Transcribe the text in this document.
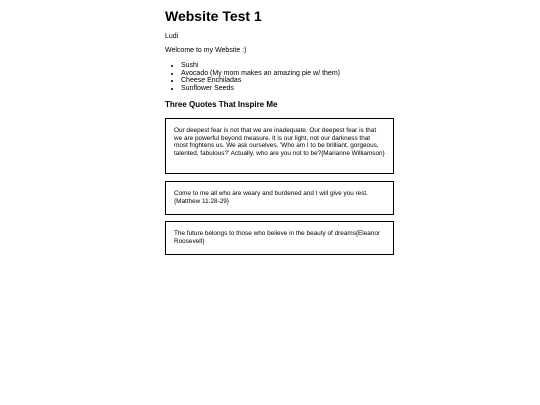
Website Test 1

Ludi

Welcome to my Website :)

• Sushi
• Avocado (My mom makes an amazing pie w/ them)
• Cheese Enchiladas
• Sunflower Seeds
Three Quotes That Inspire Me

Our deepest fear is not that we are inadequate. Our deepest fear is that we are powerful beyond measure. It is our light, not our darkness that most frightens us. We ask ourselves, 'Who am I to be brilliant, gorgeous, talented, fabulous?' Actually, who are you not to be?{Marianne Williamson}

Come to me all who are weary and burdened and I will give you rest.{Matthew 11:28-29}

The future belongs to those who believe in the beauty of dreams{Eleanor Roosevelt}
